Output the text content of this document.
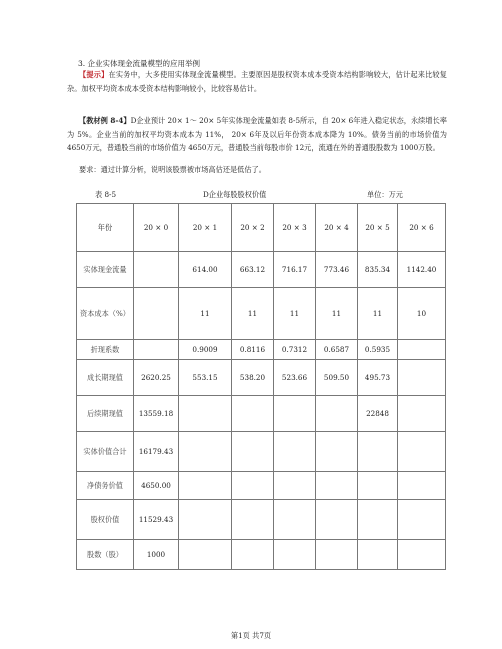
3. 企业实体现金流量模型的应用举例
【提示】在实务中，大多使用实体现金流量模型。主要原因是股权资本成本受资本结构影响较大，估计起来比较复杂。加权平均资本成本受资本结构影响较小，比较容易估计。
【教材例 8-4】D企业预计 20× 1～ 20× 5年实体现金流量如表 8-5所示，自 20× 6年进入稳定状态，永续增长率为 5%。企业当前的加权平均资本成本为 11%， 20× 6年及以后年份资本成本降为 10%。债务当前的市场价值为 4650万元，普通股当前的市场价值为 4650万元，普通股当前每股市价 12元，流通在外的普通股股数为 1000万股。
要求：通过计算分析，说明该股票被市场高估还是低估了。
表 8-5	D企业每股股权价值	单位：万元
年份	20 × 0	20 × 1	20 × 2	20 × 3	20 × 4	20 × 5	20 × 6
实体现金流量		614.00	663.12	716.17	773.46	835.34	1142.40
资本成本（%）		11	11	11	11	11	10
折现系数		0.9009	0.8116	0.7312	0.6587	0.5935	
成长期现值	2620.25	553.15	538.20	523.66	509.50	495.73	
后续期现值	13559.18					22848	
实体价值合计	16179.43						
净债务价值	4650.00						
股权价值	11529.43						
股数（股）	1000						
第1页 共7页
